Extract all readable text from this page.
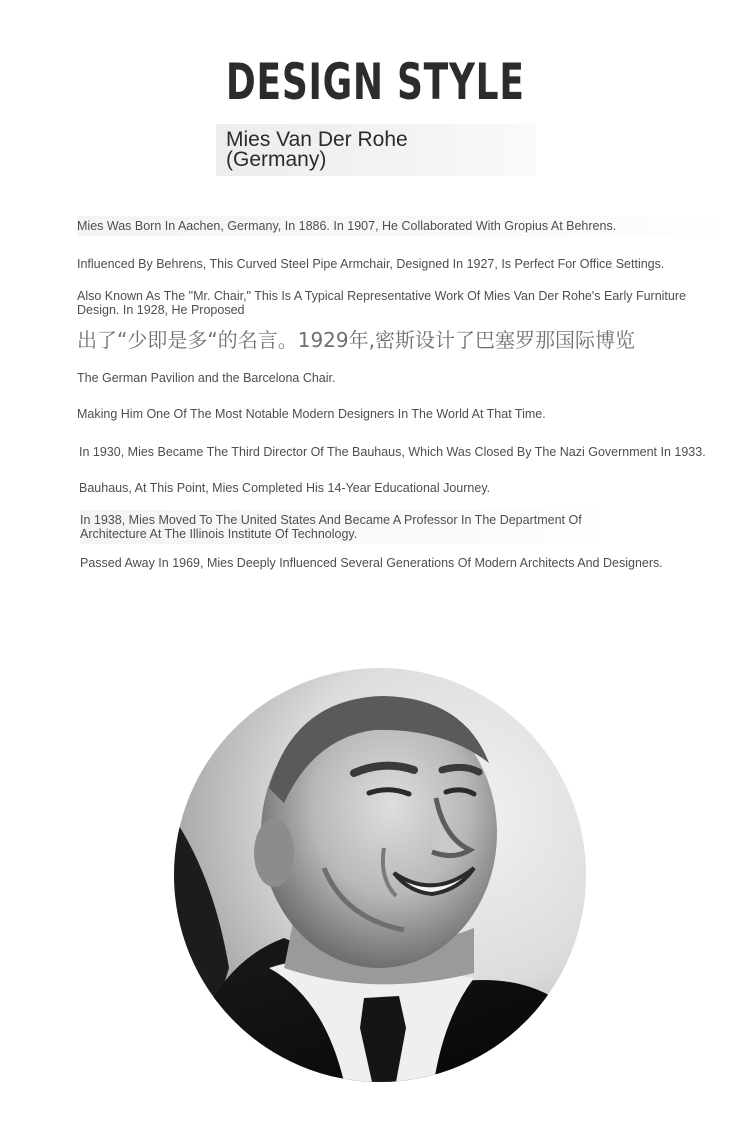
DESIGN STYLE
Mies Van Der Rohe
(Germany)
Mies Was Born In Aachen, Germany, In 1886. In 1907, He Collaborated With Gropius At Behrens.
Influenced By Behrens, This Curved Steel Pipe Armchair, Designed In 1927, Is Perfect For Office Settings.
Also Known As The "Mr. Chair," This Is A Typical Representative Work Of Mies Van Der Rohe's Early Furniture Design. In 1928, He Proposed
出了“少即是多“的名言。1929年,密斯设计了巴塞罗那国际博览
The German Pavilion and the Barcelona Chair.
Making Him One Of The Most Notable Modern Designers In The World At That Time.
In 1930, Mies Became The Third Director Of The Bauhaus, Which Was Closed By The Nazi Government In 1933.
Bauhaus, At This Point, Mies Completed His 14-Year Educational Journey.
In 1938, Mies Moved To The United States And Became A Professor In The Department Of Architecture At The Illinois Institute Of Technology.
Passed Away In 1969, Mies Deeply Influenced Several Generations Of Modern Architects And Designers.
